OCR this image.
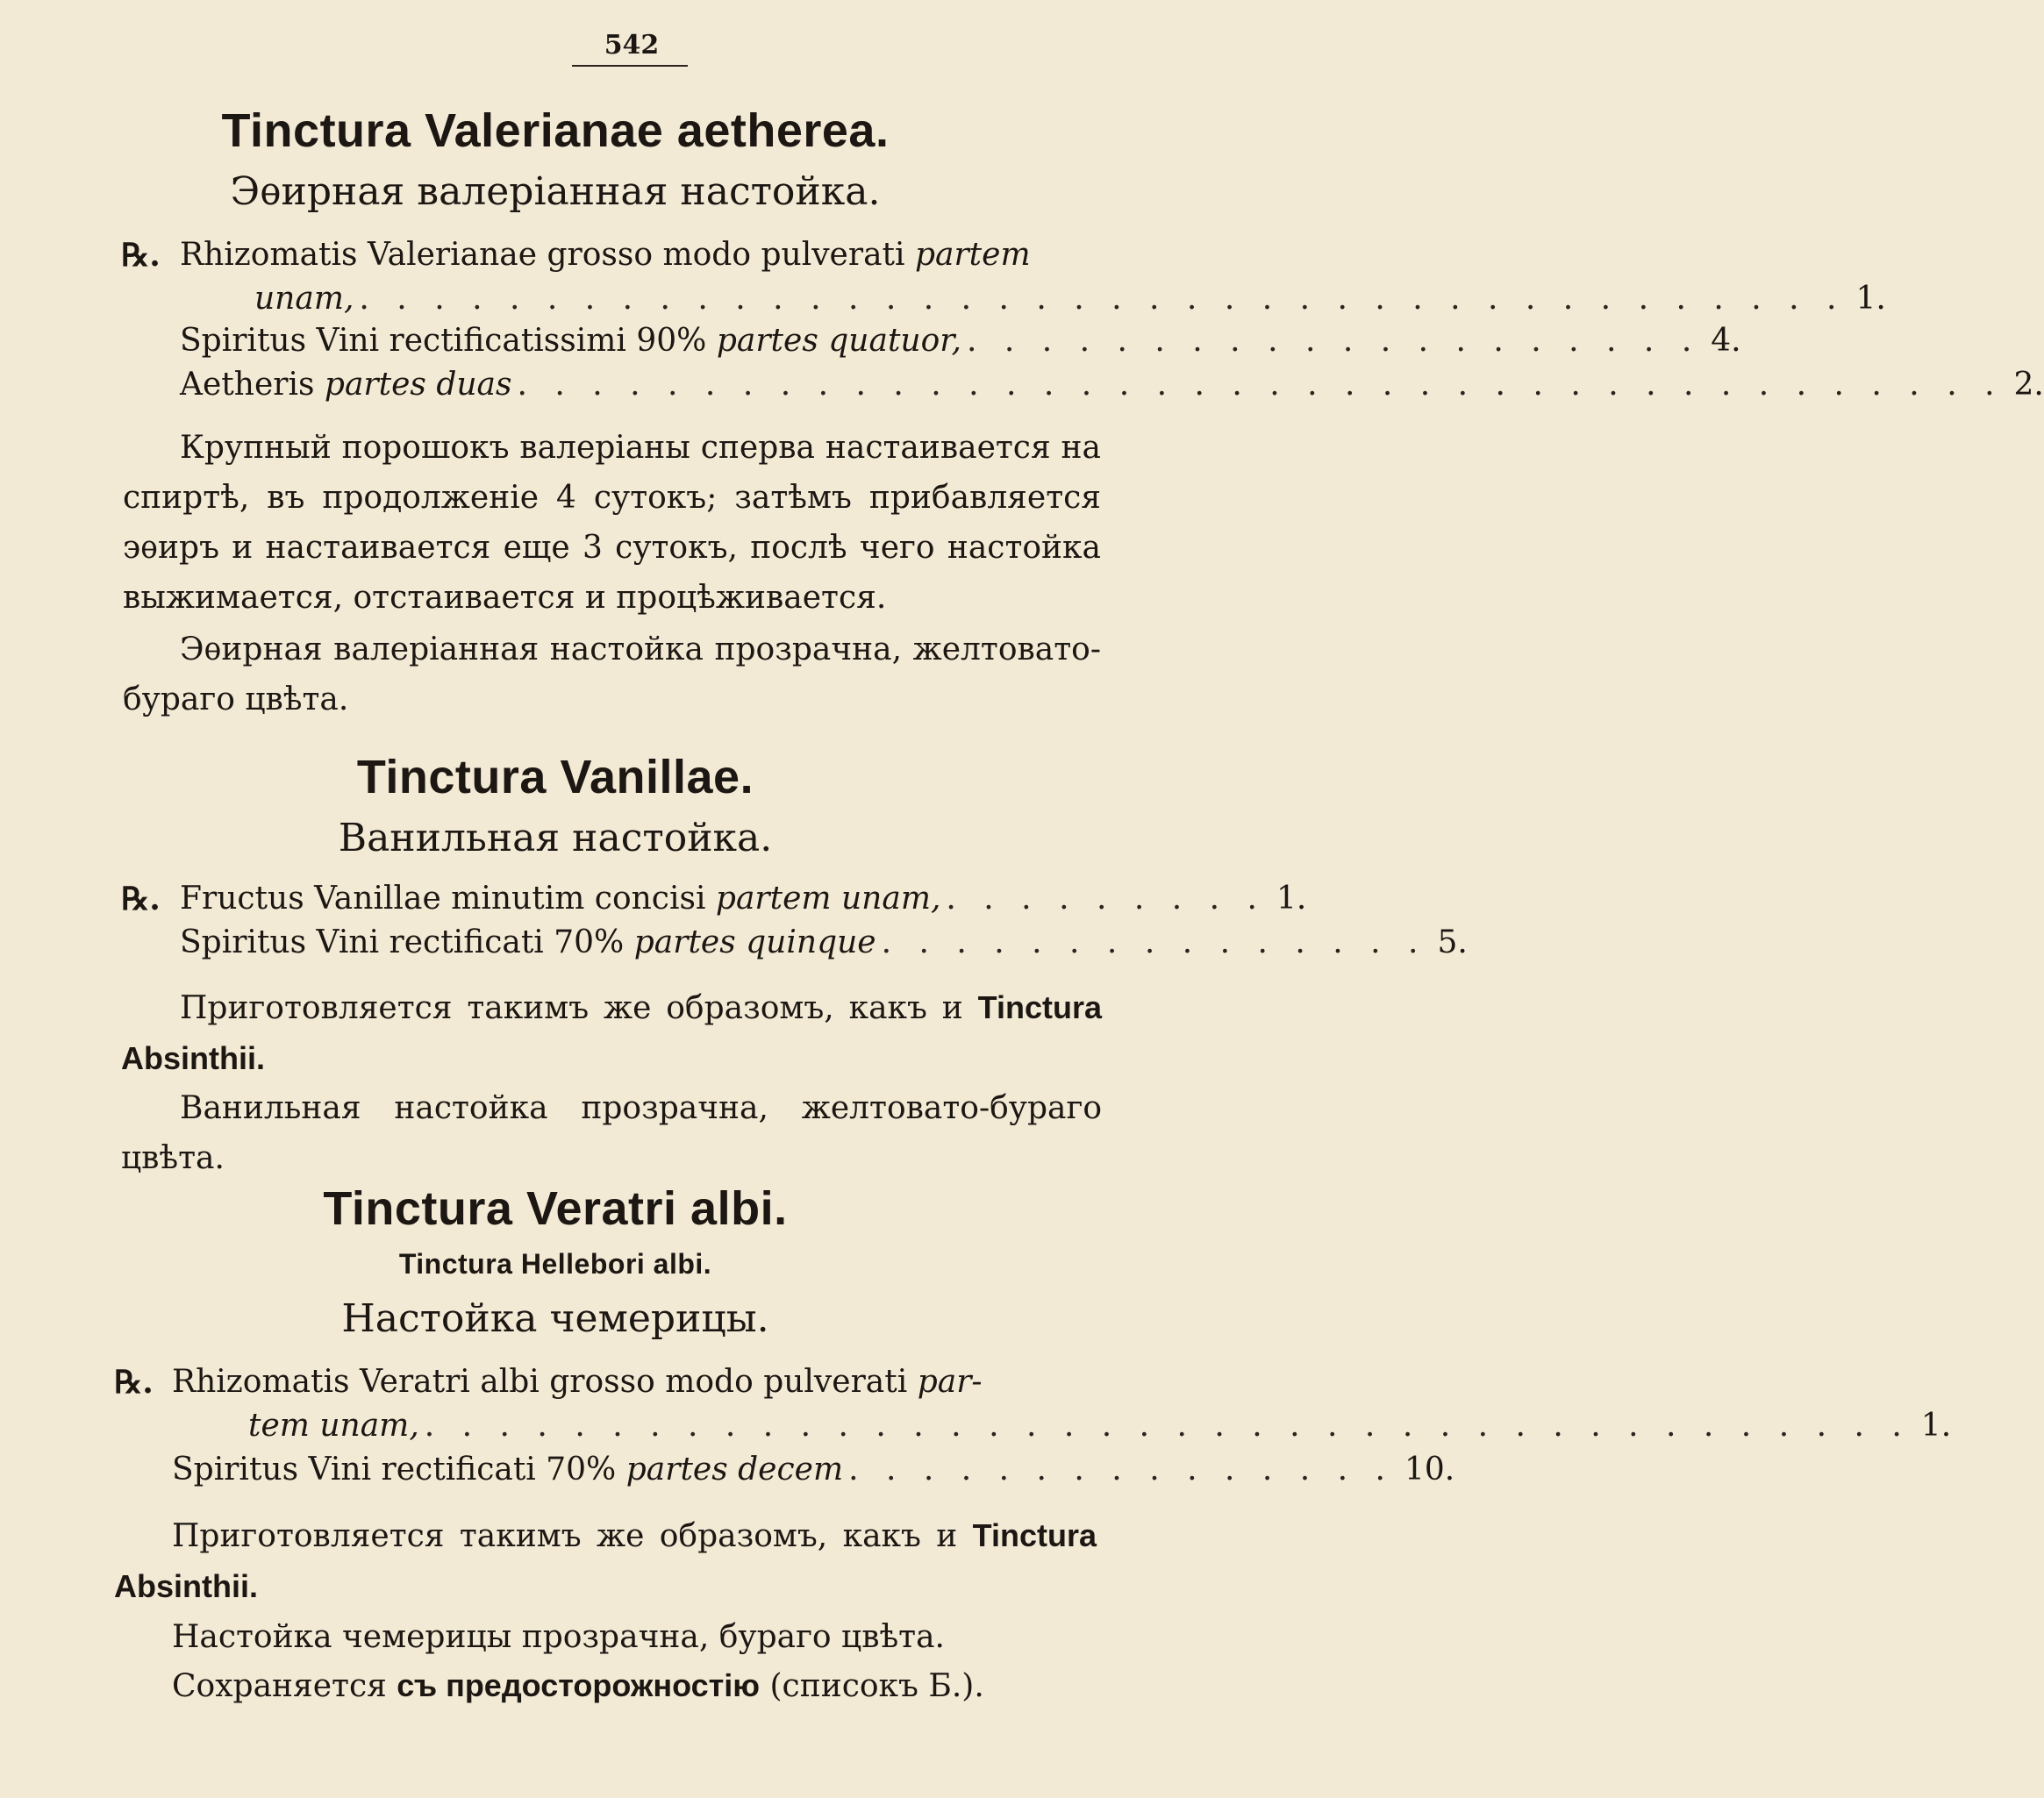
542
Tinctura Valerianae aetherea.
Эѳирная валеріанная настойка.
℞. Rhizomatis Valerianae grosso modo pulverati partem
unam, . . . . . . . . . . . . . . . . . . . . . . . . . . . . . . . . . . . . . . . . 1.
Spiritus Vini rectificatissimi 90%
partes quatuor, . . . . . . . . . . . . . . . . . . . . 4.
Aetheris
partes duas . . . . . . . . . . . . . . . . . . . . . . . . . . . . . . . . . . . . . . . . 2.
Крупный порошокъ валеріаны сперва настаивается на спиртѣ, въ продолженіе 4 сутокъ; затѣмъ прибавляется эѳиръ и настаивается еще 3 сутокъ, послѣ чего настойка выжимается, отстаивается и процѣживается.
Эѳирная валеріанная настойка прозрачна, желтовато-бураго цвѣта.
Tinctura Vanillae.
Ванильная настойка.
℞. Fructus Vanillae minutim concisi
partem unam, . . . . . . . . . 1.
Spiritus Vini rectificati 70%
partes quinque . . . . . . . . . . . . . . . 5.
Приготовляется такимъ же образомъ, какъ и Tinctura Absinthii.
Ванильная настойка прозрачна, желтовато-бураго цвѣта.
Tinctura Veratri albi.
Tinctura Hellebori albi.
Настойка чемерицы.
℞. Rhizomatis Veratri albi grosso modo pulverati par-
tem unam, . . . . . . . . . . . . . . . . . . . . . . . . . . . . . . . . . . . . . . . . 1.
Spiritus Vini rectificati 70%
partes decem . . . . . . . . . . . . . . . 10.
Приготовляется такимъ же образомъ, какъ и Tinctura Absinthii.
Настойка чемерицы прозрачна, бураго цвѣта.
Сохраняется съ предосторожностію (списокъ Б.).
